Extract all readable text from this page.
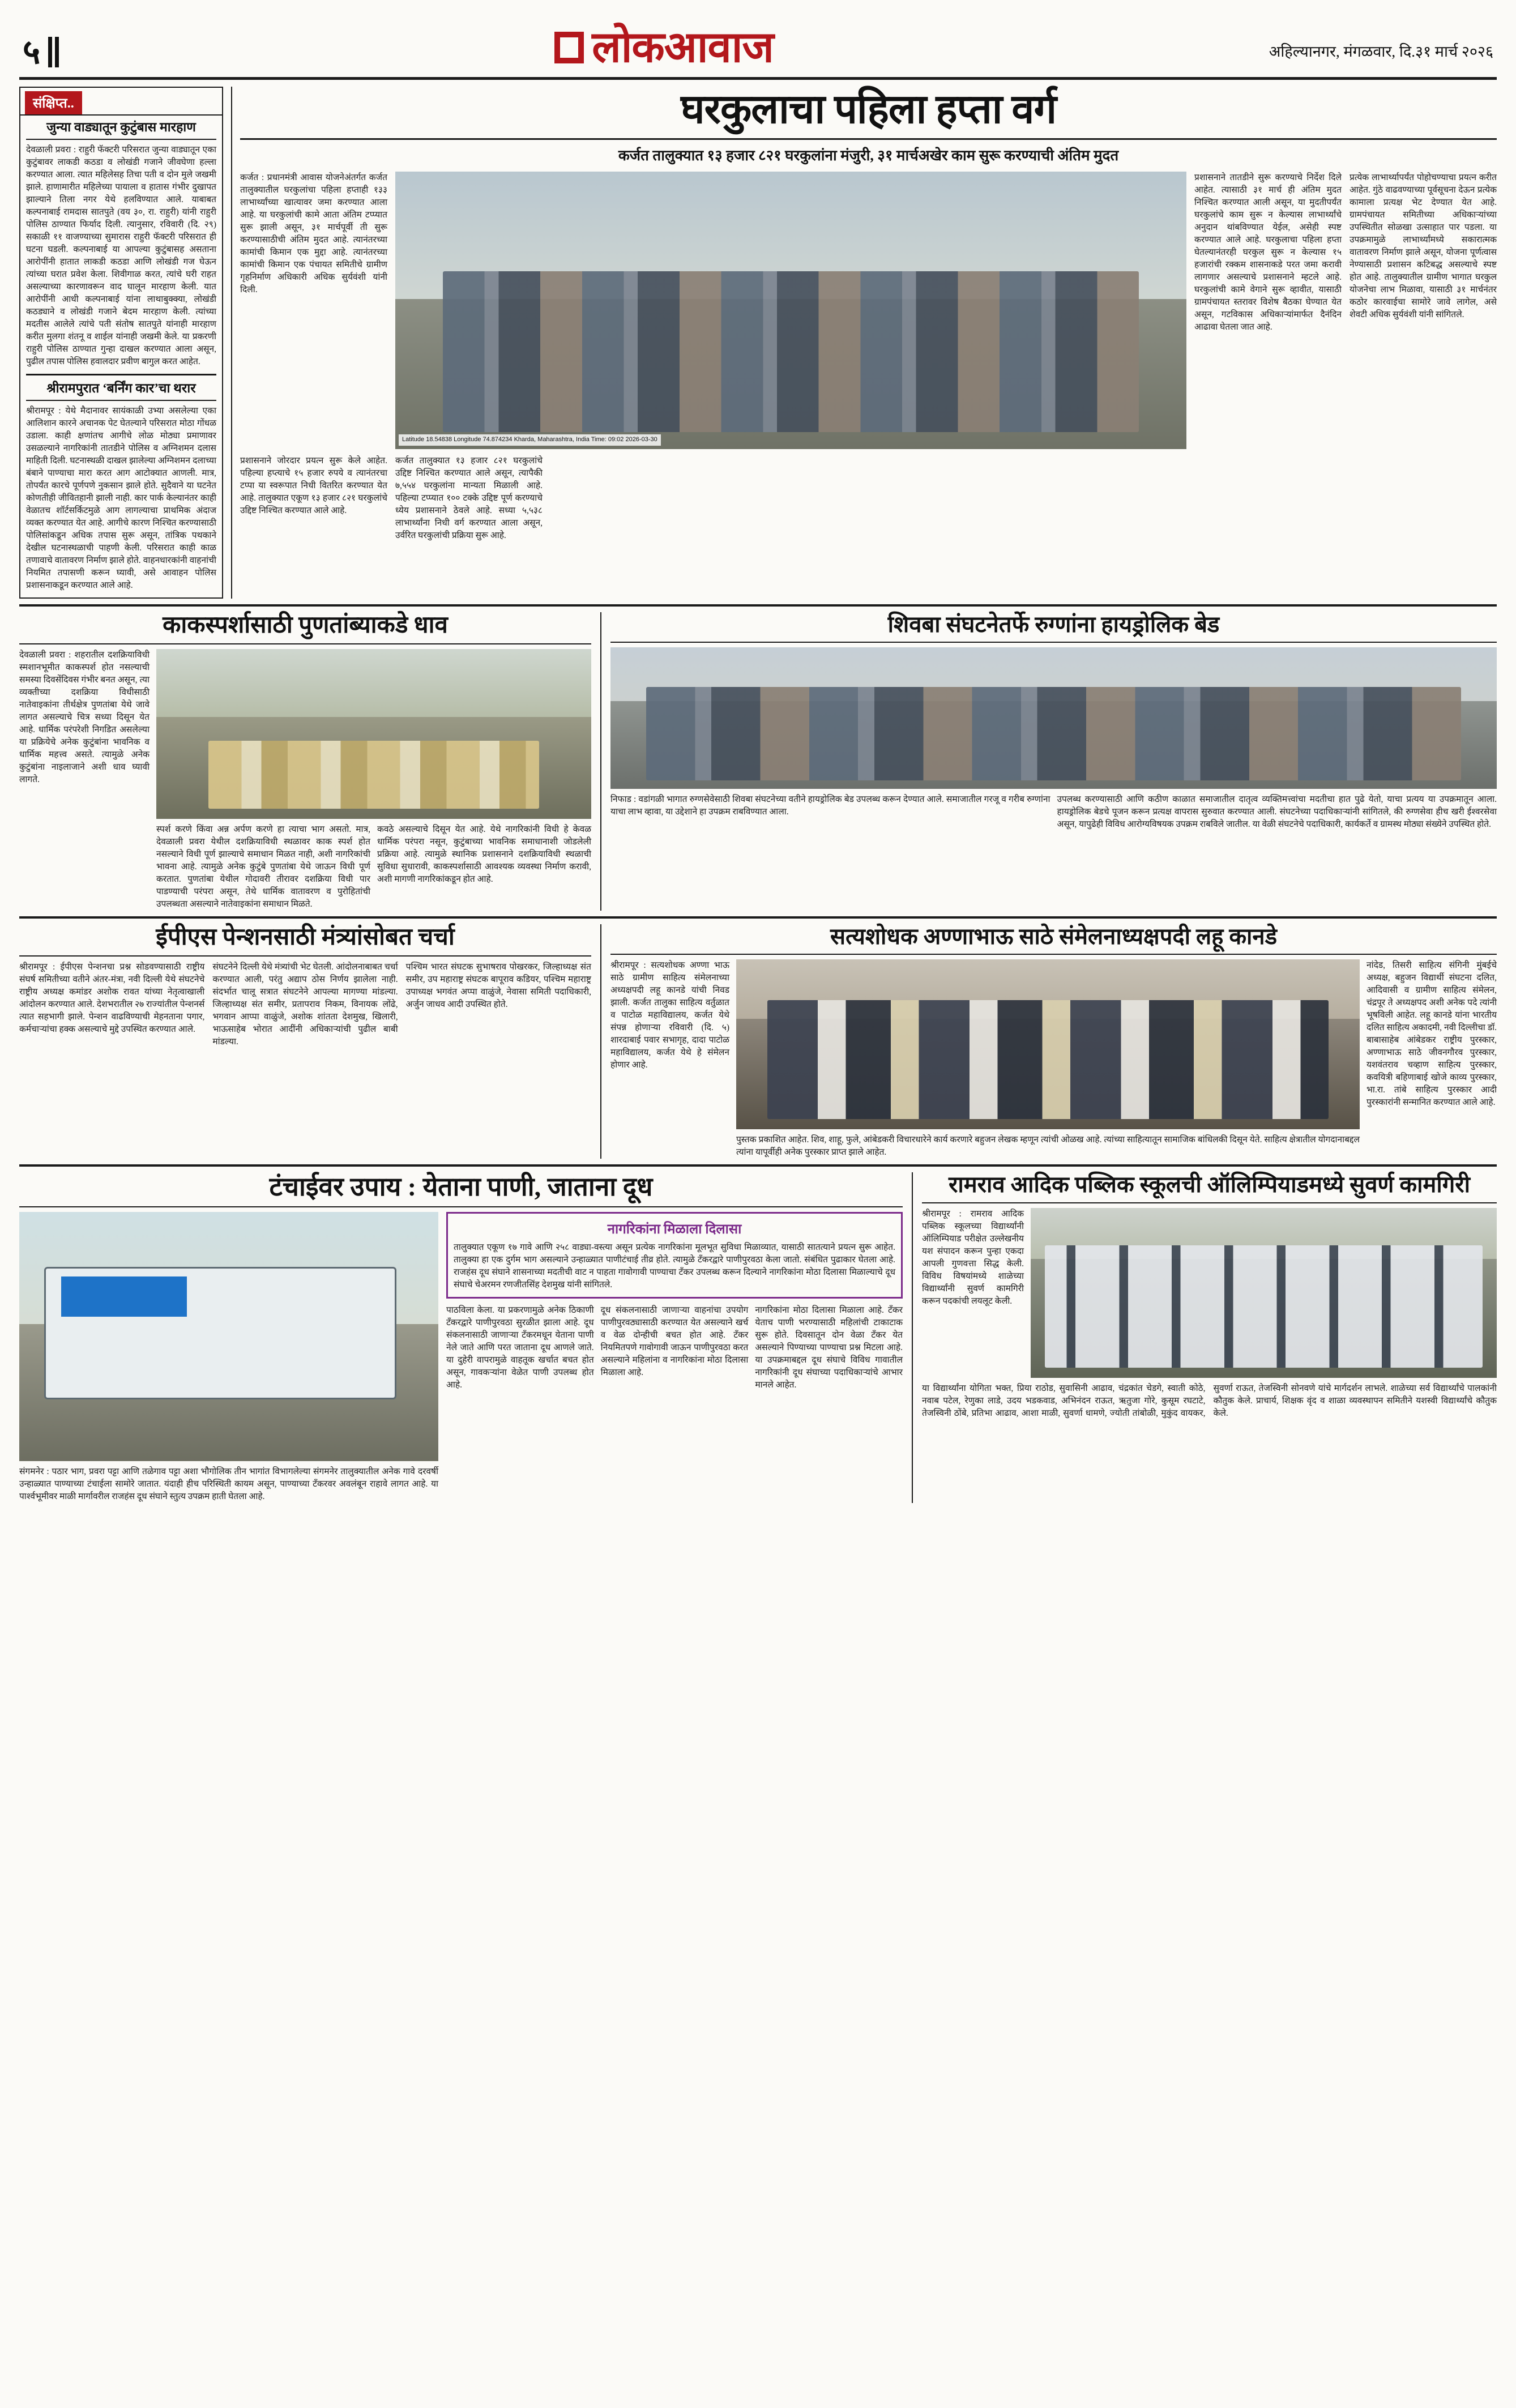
५	लोकआवाज	अहिल्यानगर, मंगळवार, दि.३१ मार्च २०२६
संक्षिप्त..
जुन्या वाड्यातून कुटुंबास मारहाण
देवळाली प्रवरा : राहुरी फॅक्टरी परिसरात जुन्या वाड्यातून एका कुटुंबावर लाकडी कठडा व लोखंडी गजाने जीवघेणा हल्ला करण्यात आला. त्यात महिलेसह तिचा पती व दोन मुले जखमी झाले. हाणामारीत महिलेच्या पायाला व हातास गंभीर दुखापत झाल्याने तिला नगर येथे हलविण्यात आले. याबाबत कल्पनाबाई रामदास सातपुते (वय ३०, रा. राहुरी) यांनी राहुरी पोलिस ठाण्यात फिर्याद दिली. त्यानुसार, रविवारी (दि. २९) सकाळी ११ वाजण्याच्या सुमारास राहुरी फॅक्टरी परिसरात ही घटना घडली. कल्पनाबाई या आपल्या कुटुंबासह असताना आरोपींनी हातात लाकडी कठडा आणि लोखंडी गज घेऊन त्यांच्या घरात प्रवेश केला. शिवीगाळ करत, त्यांचे घरी राहत असल्याच्या कारणावरून वाद घालून मारहाण केली. यात आरोपींनी आधी कल्पनाबाई यांना लाथाबुक्क्या, लोखंडी कठड्याने व लोखंडी गजाने बेदम मारहाण केली. त्यांच्या मदतीस आलेले त्यांचे पती संतोष सातपुते यांनाही मारहाण करीत मुलगा शंतनू व शाईल यांनाही जखमी केले. या प्रकरणी राहुरी पोलिस ठाण्यात गुन्हा दाखल करण्यात आला असून, पुढील तपास पोलिस हवालदार प्रवीण बागुल करत आहेत.
श्रीरामपुरात ‘बर्निंग कार’चा थरार
श्रीरामपूर : येथे मैदानावर सायंकाळी उभ्या असलेल्या एका आलिशान कारने अचानक पेट घेतल्याने परिसरात मोठा गोंधळ उडाला. काही क्षणांतच आगीचे लोळ मोठ्या प्रमाणावर उसळल्याने नागरिकांनी तातडीने पोलिस व अग्निशमन दलास माहिती दिली. घटनास्थळी दाखल झालेल्या अग्निशमन दलाच्या बंबाने पाण्याचा मारा करत आग आटोक्यात आणली. मात्र, तोपर्यंत कारचे पूर्णपणे नुकसान झाले होते. सुदैवाने या घटनेत कोणतीही जीवितहानी झाली नाही. कार पार्क केल्यानंतर काही वेळातच शॉर्टसर्किटमुळे आग लागल्याचा प्राथमिक अंदाज व्यक्त करण्यात येत आहे. आगीचे कारण निश्चित करण्यासाठी पोलिसांकडून अधिक तपास सुरू असून, तांत्रिक पथकाने देखील घटनास्थळाची पाहणी केली. परिसरात काही काळ तणावाचे वातावरण निर्माण झाले होते. वाहनधारकांनी वाहनांची नियमित तपासणी करून घ्यावी, असे आवाहन पोलिस प्रशासनाकडून करण्यात आले आहे.
घरकुलाचा पहिला हप्ता वर्ग
कर्जत तालुक्यात १३ हजार ८२१ घरकुलांना मंजुरी, ३१ मार्चअखेर काम सुरू करण्याची अंतिम मुदत
कर्जत : प्रधानमंत्री आवास योजनेअंतर्गत कर्जत तालुक्यातील घरकुलांचा पहिला हप्ताही १३३ लाभार्थ्यांच्या खात्यावर जमा करण्यात आला आहे. या घरकुलांची कामे आता अंतिम टप्प्यात सुरू झाली असून, ३१ मार्चपूर्वी ती सुरू करण्यासाठीची अंतिम मुदत आहे. त्यानंतरच्या कामांची किमान एक मुद्दा आहे. त्यानंतरच्या कामांची किमान एक पंचायत समितीचे ग्रामीण गृहनिर्माण अधिकारी अधिक सुर्यवंशी यांनी दिली.
Latitude 18.54838 Longitude 74.874234 Kharda, Maharashtra, India Time: 09:02 2026-03-30
प्रशासनाने तातडीने सुरू करण्याचे निर्देश दिले आहेत. त्यासाठी ३१ मार्च ही अंतिम मुदत निश्चित करण्यात आली असून, या मुदतीपर्यंत घरकुलांचे काम सुरू न केल्यास लाभार्थ्यांचे अनुदान थांबविण्यात येईल, असेही स्पष्ट करण्यात आले आहे. घरकुलाचा पहिला हप्ता घेतल्यानंतरही घरकुल सुरू न केल्यास १५ हजारांची रक्कम शासनाकडे परत जमा करावी लागणार असल्याचे प्रशासनाने म्हटले आहे. घरकुलांची कामे वेगाने सुरू व्हावीत, यासाठी ग्रामपंचायत स्तरावर विशेष बैठका घेण्यात येत असून, गटविकास अधिकाऱ्यांमार्फत दैनंदिन आढावा घेतला जात आहे.
प्रत्येक लाभार्थ्यापर्यंत पोहोचण्याचा प्रयत्न करीत आहेत. गुंठे वाढवण्याच्या पूर्वसूचना देऊन प्रत्येक कामाला प्रत्यक्ष भेट देण्यात येत आहे. ग्रामपंचायत समितीच्या अधिकाऱ्यांच्या उपस्थितीत सोळखा उत्साहात पार पडला. या उपक्रमामुळे लाभार्थ्यांमध्ये सकारात्मक वातावरण निर्माण झाले असून, योजना पूर्णत्वास नेण्यासाठी प्रशासन कटिबद्ध असल्याचे स्पष्ट होत आहे. तालुक्यातील ग्रामीण भागात घरकुल योजनेचा लाभ मिळावा, यासाठी ३१ मार्चनंतर कठोर कारवाईचा सामोरे जावे लागेल, असे शेवटी अधिक सुर्यवंशी यांनी सांगितले.
प्रशासनाने जोरदार प्रयत्न सुरू केले आहेत. पहिल्या हप्त्याचे १५ हजार रुपये व त्यानंतरचा टप्पा या स्वरूपात निधी वितरित करण्यात येत आहे. तालुक्यात एकूण १३ हजार ८२१ घरकुलांचे उद्दिष्ट निश्चित करण्यात आले आहे.
कर्जत तालुक्यात १३ हजार ८२१ घरकुलांचे उद्दिष्ट निश्चित करण्यात आले असून, त्यापैकी ७,५५४ घरकुलांना मान्यता मिळाली आहे. पहिल्या टप्प्यात १०० टक्के उद्दिष्ट पूर्ण करण्याचे ध्येय प्रशासनाने ठेवले आहे. सध्या ५,५३८ लाभार्थ्यांना निधी वर्ग करण्यात आला असून, उर्वरित घरकुलांची प्रक्रिया सुरू आहे.
काकस्पर्शासाठी पुणतांब्याकडे धाव
देवळाली प्रवरा : शहरातील दशक्रियाविधी स्मशानभूमीत काकस्पर्श होत नसल्याची समस्या दिवसेंदिवस गंभीर बनत असून, त्या व्यक्तीच्या दशक्रिया विधीसाठी नातेवाइकांना तीर्थक्षेत्र पुणतांबा येथे जावे लागत असल्याचे चित्र सध्या दिसून येत आहे. धार्मिक परंपरेशी निगडित असलेल्या या प्रक्रियेचे अनेक कुटुंबांना भावनिक व धार्मिक महत्त्व असते. त्यामुळे अनेक कुटुंबांना नाइलाजाने अशी धाव घ्यावी लागते.
स्पर्श करणे किंवा अन्न अर्पण करणे हा त्याचा भाग असतो. मात्र, देवळाली प्रवरा येथील दशक्रियाविधी स्थळावर काक स्पर्श होत नसल्याने विधी पूर्ण झाल्याचे समाधान मिळत नाही, अशी नागरिकांची भावना आहे. त्यामुळे अनेक कुटुंबे पुणतांबा येथे जाऊन विधी पूर्ण करतात. पुणतांबा येथील गोदावरी तीरावर दशक्रिया विधी पार पाडण्याची परंपरा असून, तेथे धार्मिक वातावरण व पुरोहितांची उपलब्धता असल्याने नातेवाइकांना समाधान मिळते.
कवठे असल्याचे दिसून येत आहे. येथे नागरिकांनी विधी हे केवळ धार्मिक परंपरा नसून, कुटुंबाच्या भावनिक समाधानाशी जोडलेली प्रक्रिया आहे. त्यामुळे स्थानिक प्रशासनाने दशक्रियाविधी स्थळाची सुविधा सुधारावी, काकस्पर्शासाठी आवश्यक व्यवस्था निर्माण करावी, अशी मागणी नागरिकांकडून होत आहे.
शिवबा संघटनेतर्फे रुग्णांना हायड्रोलिक बेड
निफाड : वडांगळी भागात रुग्णसेवेसाठी शिवबा संघटनेच्या वतीने हायड्रोलिक बेड उपलब्ध करून देण्यात आले. समाजातील गरजू व गरीब रुग्णांना याचा लाभ व्हावा, या उद्देशाने हा उपक्रम राबविण्यात आला.
उपलब्ध करण्यासाठी आणि कठीण काळात समाजातील दातृत्व व्यक्तिमत्त्वांचा मदतीचा हात पुढे येतो, याचा प्रत्यय या उपक्रमातून आला. हायड्रोलिक बेडचे पूजन करून प्रत्यक्ष वापरास सुरुवात करण्यात आली. संघटनेच्या पदाधिकाऱ्यांनी सांगितले, की रुग्णसेवा हीच खरी ईश्वरसेवा असून, यापुढेही विविध आरोग्यविषयक उपक्रम राबविले जातील. या वेळी संघटनेचे पदाधिकारी, कार्यकर्ते व ग्रामस्थ मोठ्या संख्येने उपस्थित होते.
ईपीएस पेन्शनसाठी मंत्र्यांसोबत चर्चा
श्रीरामपूर : ईपीएस पेन्शनचा प्रश्न सोडवण्यासाठी राष्ट्रीय संघर्ष समितीच्या वतीने अंतर-मंत्रा, नवी दिल्ली येथे संघटनेचे राष्ट्रीय अध्यक्ष कमांडर अशोक रावत यांच्या नेतृत्वाखाली आंदोलन करण्यात आले. देशभरातील २७ राज्यांतील पेन्शनर्स त्यात सहभागी झाले. पेन्शन वाढविण्याची मेहनताना पगार, कर्मचाऱ्यांचा हक्क असल्याचे मुद्दे उपस्थित करण्यात आले.
संघटनेने दिल्ली येथे मंत्र्यांची भेट घेतली. आंदोलनाबाबत चर्चा करण्यात आली, परंतु अद्याप ठोस निर्णय झालेला नाही. संदर्भात चालू सत्रात संघटनेने आपल्या मागण्या मांडल्या. जिल्हाध्यक्ष संत समीर, प्रतापराव निकम, विनायक लोंढे, भगवान आप्पा वाळुंजे, अशोक शांतता देशमुख, खिलारी, भाऊसाहेब भोरात आदींनी अधिकाऱ्यांची पुढील बाबी मांडल्या.
पश्चिम भारत संघटक सुभाषराव पोखरकर, जिल्हाध्यक्ष संत समीर, उप महाराष्ट्र संघटक बापूराव कडियर, पश्चिम महाराष्ट्र उपाध्यक्ष भगवंत अप्पा वाळुंजे, नेवासा समिती पदाधिकारी, अर्जुन जाधव आदी उपस्थित होते.
सत्यशोधक अण्णाभाऊ साठे संमेलनाध्यक्षपदी लहू कानडे
श्रीरामपूर : सत्यशोधक अण्णा भाऊ साठे ग्रामीण साहित्य संमेलनाच्या अध्यक्षपदी लहू कानडे यांची निवड झाली. कर्जत तालुका साहित्य वर्तुळात व पाटोळ महाविद्यालय, कर्जत येथे संपन्न होणाऱ्या रविवारी (दि. ५) शारदाबाई पवार सभागृह, दादा पाटोळ महाविद्यालय, कर्जत येथे हे संमेलन होणार आहे.
नांदेड, तिसरी साहित्य संगिनी मुंबईचे अध्यक्ष, बहुजन विद्यार्थी संघटना दलित, आदिवासी व ग्रामीण साहित्य संमेलन, चंद्रपूर ते अध्यक्षपद अशी अनेक पदे त्यांनी भूषविली आहेत. लहू कानडे यांना भारतीय दलित साहित्य अकादमी, नवी दिल्लीचा डॉ. बाबासाहेब आंबेडकर राष्ट्रीय पुरस्कार, अण्णाभाऊ साठे जीवनगौरव पुरस्कार, यशवंतराव चव्हाण साहित्य पुरस्कार, कवयित्री बहिणाबाई खोजे काव्य पुरस्कार, भा.रा. तांबे साहित्य पुरस्कार आदी पुरस्कारांनी सन्मानित करण्यात आले आहे.
पुस्तक प्रकाशित आहेत. शिव, शाहू, फुले, आंबेडकरी विचारधारेने कार्य करणारे बहुजन लेखक म्हणून त्यांची ओळख आहे. त्यांच्या साहित्यातून सामाजिक बांधिलकी दिसून येते. साहित्य क्षेत्रातील योगदानाबद्दल त्यांना यापूर्वीही अनेक पुरस्कार प्राप्त झाले आहेत.
टंचाईवर उपाय : येताना पाणी, जाताना दूध
नागरिकांना मिळाला दिलासा
तालुक्यात एकूण १७ गावे आणि २५८ वाड्या-वस्त्या असून प्रत्येक नागरिकांना मूलभूत सुविधा मिळाव्यात, यासाठी सातत्याने प्रयत्न सुरू आहेत. तालुक्या हा एक दुर्गम भाग असल्याने उन्हाळ्यात पाणीटंचाई तीव्र होते. त्यामुळे टँकरद्वारे पाणीपुरवठा केला जातो. संबंधित पुढाकार घेतला आहे. राजहंस दूध संघाने शासनाच्या मदतीची वाट न पाहता गावोगावी पाण्याचा टँकर उपलब्ध करून दिल्याने नागरिकांना मोठा दिलासा मिळाल्याचे दूध संघाचे चेअरमन रणजीतसिंह देशमुख यांनी सांगितले.
पाठविला केला. या प्रकरणामुळे अनेक ठिकाणी टँकरद्वारे पाणीपुरवठा सुरळीत झाला आहे. दूध संकलनासाठी जाणाऱ्या टँकरमधून येताना पाणी नेले जाते आणि परत जाताना दूध आणले जाते. या दुहेरी वापरामुळे वाहतूक खर्चात बचत होत असून, गावकऱ्यांना वेळेत पाणी उपलब्ध होत आहे.
दूध संकलनासाठी जाणाऱ्या वाहनांचा उपयोग पाणीपुरवठ्यासाठी करण्यात येत असल्याने खर्च व वेळ दोन्हीची बचत होत आहे. टँकर नियमितपणे गावोगावी जाऊन पाणीपुरवठा करत असल्याने महिलांना व नागरिकांना मोठा दिलासा मिळाला आहे.
नागरिकांना मोठा दिलासा मिळाला आहे. टँकर येताच पाणी भरण्यासाठी महिलांची टाकाटाक सुरू होते. दिवसातून दोन वेळा टँकर येत असल्याने पिण्याच्या पाण्याचा प्रश्न मिटला आहे. या उपक्रमाबद्दल दूध संघाचे विविध गावातील नागरिकांनी दूध संघाच्या पदाधिकाऱ्यांचे आभार मानले आहेत.
संगमनेर : पठार भाग, प्रवरा पट्टा आणि तळेगाव पट्टा अशा भौगोलिक तीन भागांत विभागलेल्या संगमनेर तालुक्यातील अनेक गावे दरवर्षी उन्हाळ्यात पाण्याच्या टंचाईला सामोरे जातात. यंदाही हीच परिस्थिती कायम असून, पाण्याच्या टँकरवर अवलंबून राहावे लागत आहे. या पार्श्वभूमीवर माळी मार्गावरील राजहंस दूध संघाने स्तुत्य उपक्रम हाती घेतला आहे.
रामराव आदिक पब्लिक स्कूलची ऑलिम्पियाडमध्ये सुवर्ण कामगिरी
श्रीरामपूर : रामराव आदिक पब्लिक स्कूलच्या विद्यार्थ्यांनी ऑलिम्पियाड परीक्षेत उल्लेखनीय यश संपादन करून पुन्हा एकदा आपली गुणवत्ता सिद्ध केली. विविध विषयांमध्ये शाळेच्या विद्यार्थ्यांनी सुवर्ण कामगिरी करून पदकांची लयलूट केली.
या विद्यार्थ्यांना योगिता भक्त, प्रिया राठोड, सुवासिनी आढाव, चंद्रकांत चेडगे, स्वाती कोठे, नवाब पटेल, रेणुका लाडे, उदय भडकवाड, अभिनंदन राऊत, ऋतुजा गोरे, कुसूम रघटाटे, तेजस्विनी ठोंबे, प्रतिभा आढाव, आशा माळी, सुवर्णा धामणे, ज्योती तांबोळी, मुकुंद वायकर, सुवर्णा राऊत, तेजस्विनी सोनवणे यांचे मार्गदर्शन लाभले. शाळेच्या सर्व विद्यार्थ्यांचे पालकांनी कौतुक केले. प्राचार्य, शिक्षक वृंद व शाळा व्यवस्थापन समितीने यशस्वी विद्यार्थ्यांचे कौतुक केले.
